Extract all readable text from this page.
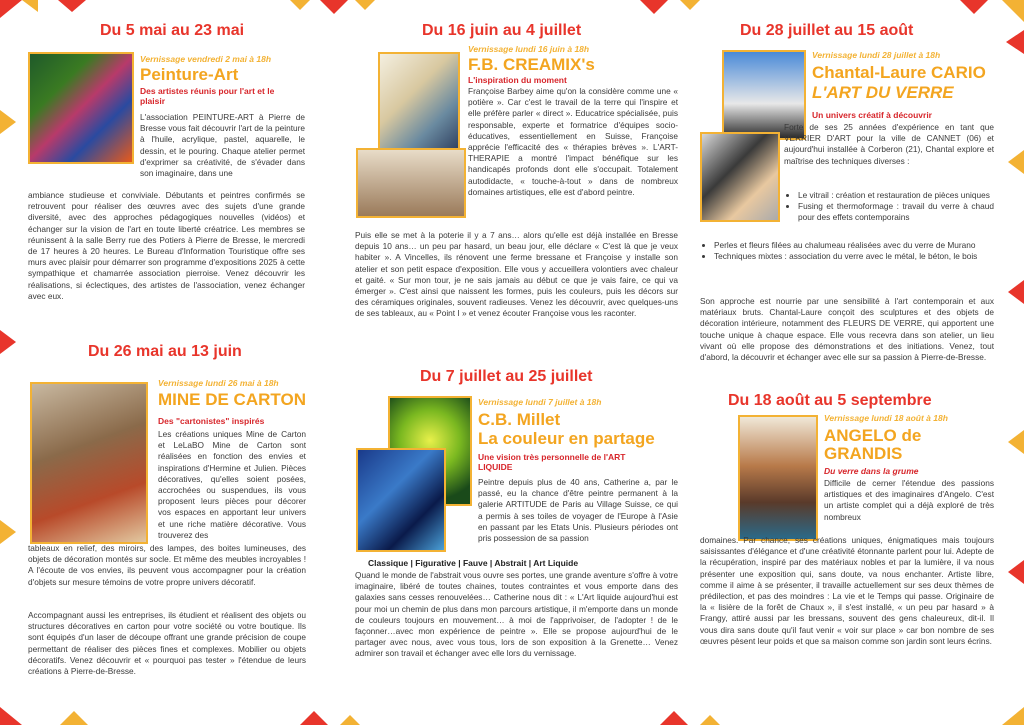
Du 5 mai au 23 mai
Vernissage vendredi 2 mai à 18h
Peinture-Art
Des artistes réunis pour l'art et le plaisir
L'association PEINTURE-ART à Pierre de Bresse vous fait découvrir l'art de la peinture à l'huile, acrylique, pastel, aquarelle, le dessin, et le pouring. Chaque atelier permet d'exprimer sa créativité, de s'évader dans son imaginaire, dans une
ambiance studieuse et conviviale. Débutants et peintres confirmés se retrouvent pour réaliser des œuvres avec des sujets d'une grande diversité, avec des approches pédagogiques nouvelles (vidéos) et échanger sur la vision de l'art en toute liberté créatrice. Les membres se réunissent à la salle Berry rue des Potiers à Pierre de Bresse, le mercredi de 17 heures à 20 heures. Le Bureau d'Information Touristique offre ses murs avec plaisir pour démarrer son programme d'expositions 2025 à cette sympathique et chamarrée association pierroise. Venez découvrir les réalisations, si éclectiques, des artistes de l'association, venez échanger avec eux.
Du 26 mai au 13 juin
Vernissage lundi 26 mai à 18h
MINE DE CARTON
Des "cartonistes" inspirés
Les créations uniques Mine de Carton et LeLaBO Mine de Carton sont réalisées en fonction des envies et inspirations d'Hermine et Julien. Pièces décoratives, qu'elles soient posées, accrochées ou suspendues, ils vous proposent leurs pièces pour décorer vos espaces en apportant leur univers et une riche matière décorative. Vous trouverez des
tableaux en relief, des miroirs, des lampes, des boites lumineuses, des objets de décoration montés sur socle. Et même des meubles incroyables ! A l'écoute de vos envies, ils peuvent vous accompagner pour la création d'objets sur mesure témoins de votre propre univers décoratif.
Accompagnant aussi les entreprises, ils étudient et réalisent des objets ou structures décoratives en carton pour votre société ou votre boutique. Ils sont équipés d'un laser de découpe offrant une grande précision de coupe permettant de réaliser des pièces fines et complexes. Mobilier ou objets décoratifs. Venez découvrir et « pourquoi pas tester » l'étendue de leurs créations à Pierre-de-Bresse.
Du 16 juin au 4 juillet
Vernissage lundi 16 juin à 18h
F.B. CREAMIX's
L'inspiration du moment
Françoise Barbey aime qu'on la considère comme une « potière ». Car c'est le travail de la terre qui l'inspire et elle préfère parler « direct ». Educatrice spécialisée, puis responsable, experte et formatrice d'équipes socio-éducatives, essentiellement en Suisse, Françoise apprécie l'efficacité des « thérapies brèves ». L'ART-THERAPIE a montré l'impact bénéfique sur les handicapés profonds dont elle s'occupait. Totalement autodidacte, « touche-à-tout » dans de nombreux domaines artistiques, elle est d'abord peintre.
Puis elle se met à la poterie il y a 7 ans… alors qu'elle est déjà installée en Bresse depuis 10 ans… un peu par hasard, un beau jour, elle déclare « C'est là que je veux habiter ». A Vincelles, ils rénovent une ferme bressane et Françoise y installe son atelier et son petit espace d'exposition. Elle vous y accueillera volontiers avec chaleur et gaité. « Sur mon tour, je ne sais jamais au début ce que je vais faire, ce qui va émerger ». C'est ainsi que naissent les formes, puis les couleurs, puis les décors sur des céramiques originales, souvent radieuses. Venez les découvrir, avec quelques-uns de ses tableaux, au « Point I » et venez écouter Françoise vous les raconter.
Du 7 juillet au 25 juillet
Vernissage lundi 7 juillet à 18h
C.B. Millet
La couleur en partage
Une vision très personnelle de l'ART LIQUIDE
Peintre depuis plus de 40 ans, Catherine a, par le passé, eu la chance d'être peintre permanent à la galerie ARTITUDE de Paris au Village Suisse, ce qui a permis à ses toiles de voyager de l'Europe à l'Asie en passant par les Etats Unis. Plusieurs périodes ont pris possession de sa passion
Classique | Figurative | Fauve | Abstrait | Art Liquide
Quand le monde de l'abstrait vous ouvre ses portes, une grande aventure s'offre à votre imaginaire, libéré de toutes chaines, toutes contraintes et vous emporte dans des galaxies sans cesses renouvelées… Catherine nous dit : « L'Art liquide aujourd'hui est pour moi un chemin de plus dans mon parcours artistique, il m'emporte dans un monde de couleurs toujours en mouvement… à moi de l'apprivoiser, de l'adopter ! de le façonner…avec mon expérience de peintre ». Elle se propose aujourd'hui de le partager avec nous, avec vous tous, lors de son exposition à la Grenette… Venez admirer son travail et échanger avec elle lors du vernissage.
Du 28 juillet au 15 août
Vernissage lundi 28 juillet à 18h
Chantal-Laure CARIO
L'ART DU VERRE
Un univers créatif à découvrir
Forte de ses 25 années d'expérience en tant que VERRIER D'ART pour la ville de CANNET (06) et aujourd'hui installée à Corberon (21), Chantal explore et maîtrise des techniques diverses :
• Le vitrail : création et restauration de pièces uniques
• Fusing et thermoformage : travail du verre à chaud pour des effets contemporains
• Perles et fleurs filées au chalumeau réalisées avec du verre de Murano
• Techniques mixtes : association du verre avec le métal, le béton, le bois
Son approche est nourrie par une sensibilité à l'art contemporain et aux matériaux bruts. Chantal-Laure conçoit des sculptures et des objets de décoration intérieure, notamment des FLEURS DE VERRE, qui apportent une touche unique à chaque espace. Elle vous recevra dans son atelier, un lieu vivant où elle propose des démonstrations et des initiations. Venez, tout d'abord, la découvrir et échanger avec elle sur sa passion à Pierre-de-Bresse.
Du 18 août au 5 septembre
Vernissage lundi 18 août à 18h
ANGELO de
GRANDIS
Du verre dans la grume
Difficile de cerner l'étendue des passions artistiques et des imaginaires d'Angelo. C'est un artiste complet qui a déjà exploré de très nombreux
domaines. Par chance, ses créations uniques, énigmatiques mais toujours saisissantes d'élégance et d'une créativité étonnante parlent pour lui. Adepte de la récupération, inspiré par des matériaux nobles et par la lumière, il va nous présenter une exposition qui, sans doute, va nous enchanter. Artiste libre, comme il aime à se présenter, il travaille actuellement sur ses deux thèmes de prédilection, et pas des moindres : La vie et le Temps qui passe. Originaire de la « lisière de la forêt de Chaux », il s'est installé, « un peu par hasard » à Frangy, attiré aussi par les bressans, souvent des gens chaleureux, dit-il. Il vous dira sans doute qu'il faut venir « voir sur place » car bon nombre de ses œuvres pèsent leur poids et que sa maison comme son jardin sont leurs écrins.
